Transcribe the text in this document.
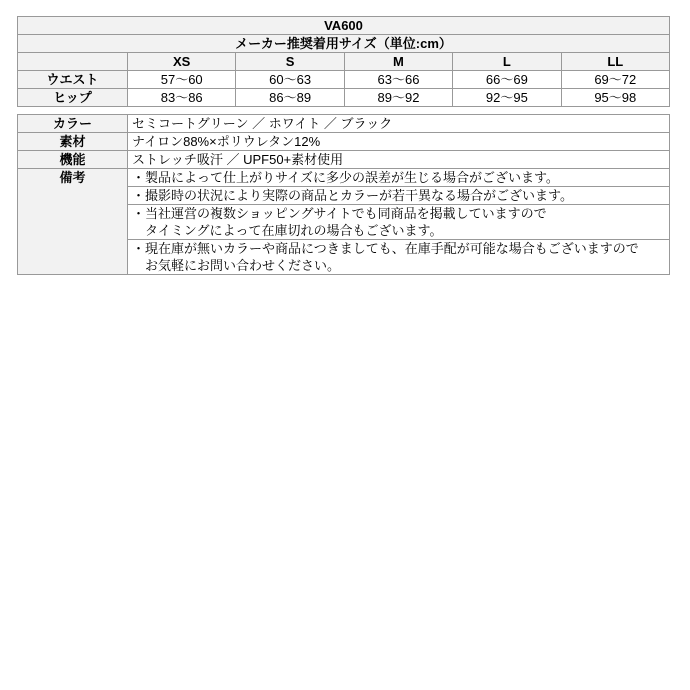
VA600					
メーカー推奨着用サイズ（単位:cm）					
	XS	S	M	L	LL
ウエスト	57〜60	60〜63	63〜66	66〜69	69〜72
ヒップ	83〜86	86〜89	89〜92	92〜95	95〜98
カラー	セミコートグリーン ／ ホワイト ／ ブラック
素材	ナイロン88%×ポリウレタン12%
機能	ストレッチ吸汗 ／ UPF50+素材使用
備考	・製品によって仕上がりサイズに多少の誤差が生じる場合がございます。

	・撮影時の状況により実際の商品とカラーが若干異なる場合がございます。

	・当社運営の複数ショッピングサイトでも同商品を掲載していますので
タイミングによって在庫切れの場合もございます。

	・現在庫が無いカラーや商品につきましても、在庫手配が可能な場合もございますので
お気軽にお問い合わせください。
